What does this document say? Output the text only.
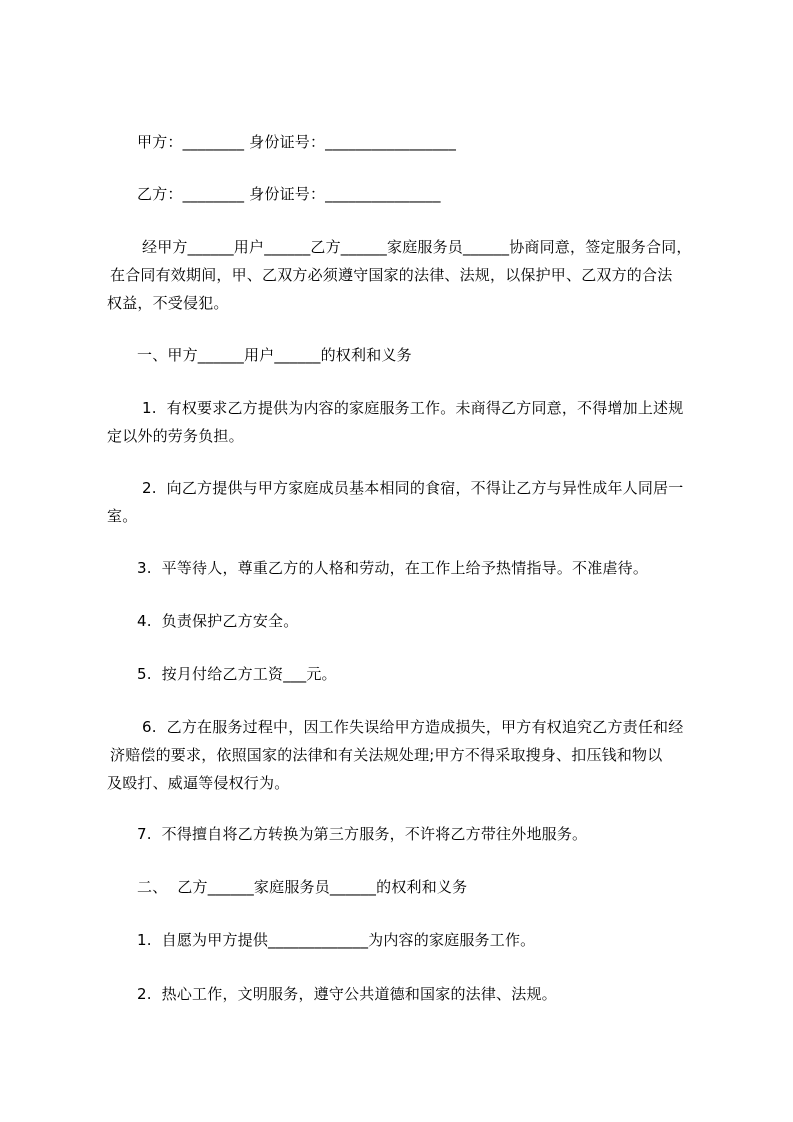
甲方：________ 身份证号：_________________
乙方：________ 身份证号：_______________
经甲方______用户______乙方______家庭服务员______协商同意，签定服务合同，
在合同有效期间，甲、乙双方必须遵守国家的法律、法规，以保护甲、乙双方的合法
权益，不受侵犯。
一、甲方______用户______的权利和义务
1.  有权要求乙方提供为内容的家庭服务工作。未商得乙方同意，不得增加上述规
定以外的劳务负担。
2.  向乙方提供与甲方家庭成员基本相同的食宿，不得让乙方与异性成年人同居一
室。
3.  平等待人，尊重乙方的人格和劳动，在工作上给予热情指导。不准虐待。
4.  负责保护乙方安全。
5.  按月付给乙方工资___元。
6.  乙方在服务过程中，因工作失误给甲方造成损失，甲方有权追究乙方责任和经
济赔偿的要求，依照国家的法律和有关法规处理;甲方不得采取搜身、扣压钱和物以
及殴打、威逼等侵权行为。
7.  不得擅自将乙方转换为第三方服务，不许将乙方带往外地服务。
二、  乙方______家庭服务员______的权利和义务
1.  自愿为甲方提供_____________为内容的家庭服务工作。
2.  热心工作，文明服务，遵守公共道德和国家的法律、法规。
